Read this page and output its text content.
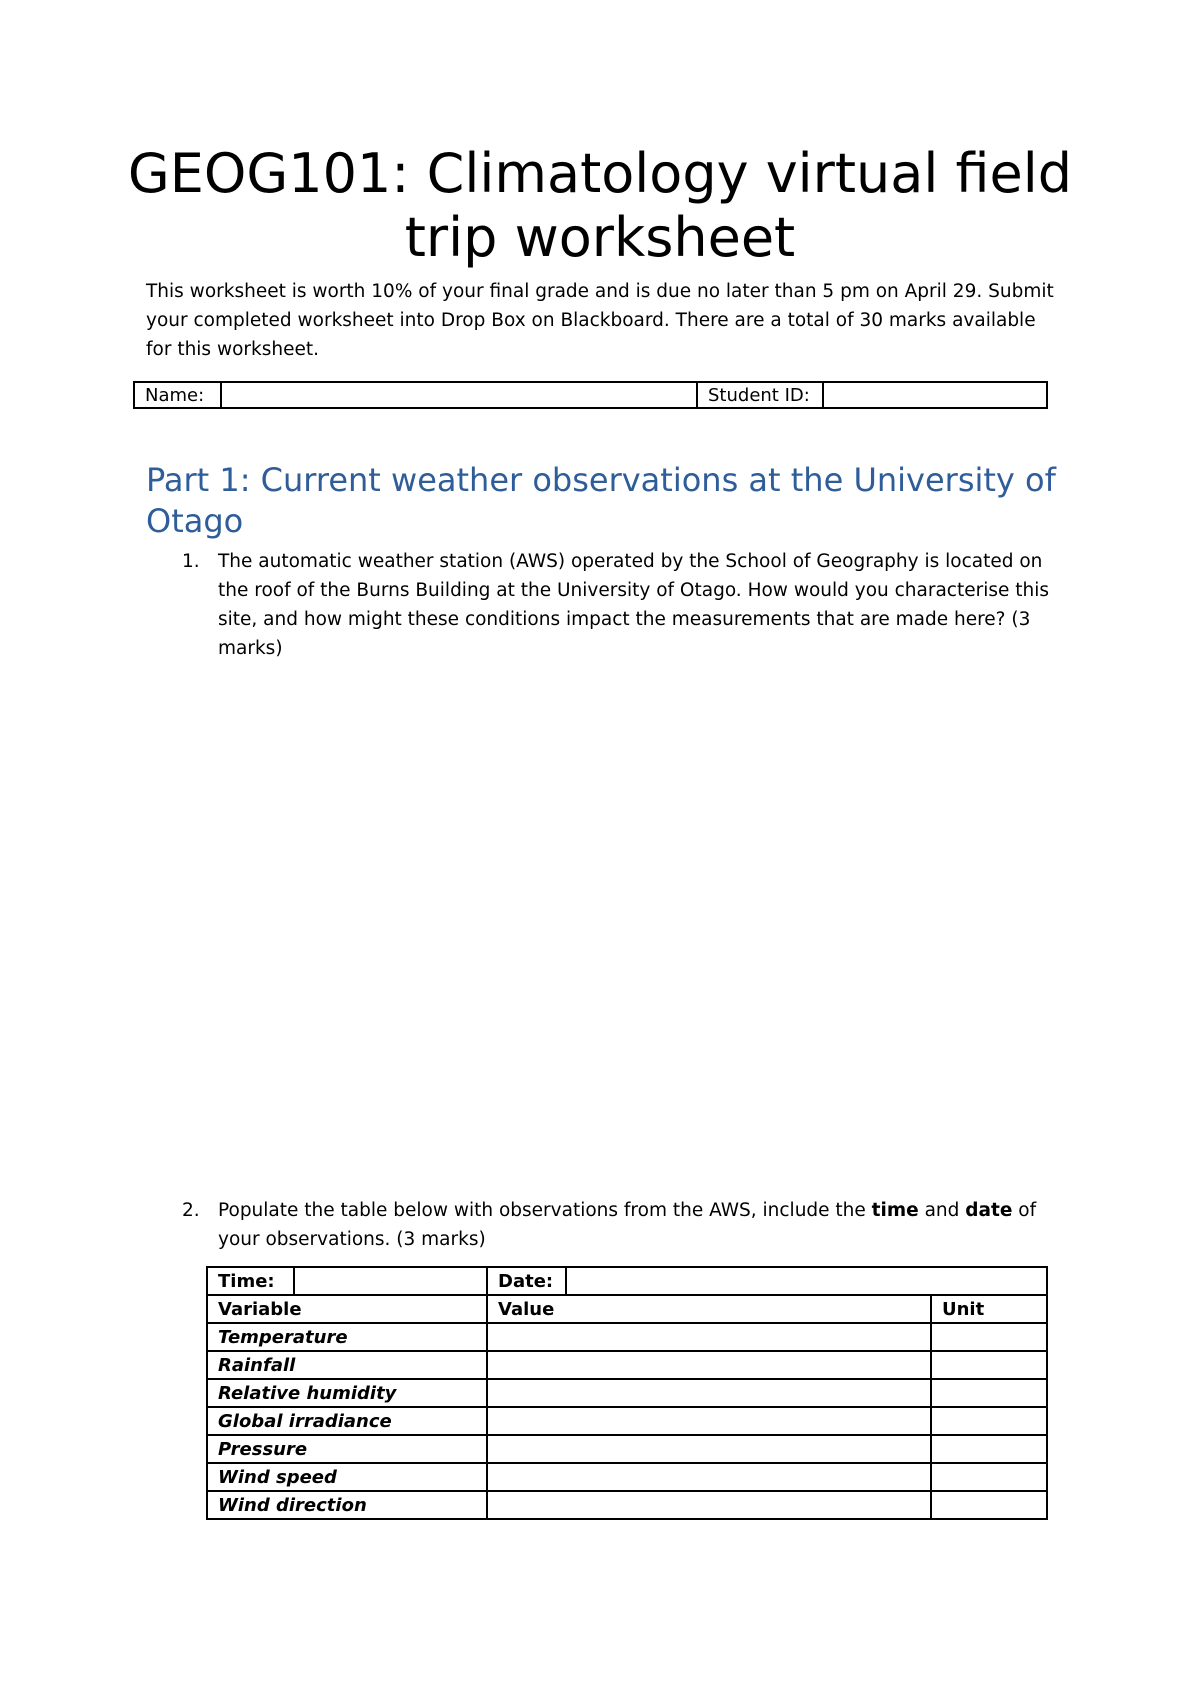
GEOG101: Climatology virtual field trip worksheet

This worksheet is worth 10% of your final grade and is due no later than 5 pm on April 29. Submit your completed worksheet into Drop Box on Blackboard. There are a total of 30 marks available for this worksheet.

Name:		Student ID:	
Part 1: Current weather observations at the University of Otago
1. The automatic weather station (AWS) operated by the School of Geography is located on the roof of the Burns Building at the University of Otago. How would you characterise this site, and how might these conditions impact the measurements that are made here? (3 marks)
2. Populate the table below with observations from the AWS, include the time and date of your observations. (3 marks)
Time:		Date:		
Variable		Value		Unit
Temperature				
Rainfall				
Relative humidity				
Global irradiance				
Pressure				
Wind speed				
Wind direction				
